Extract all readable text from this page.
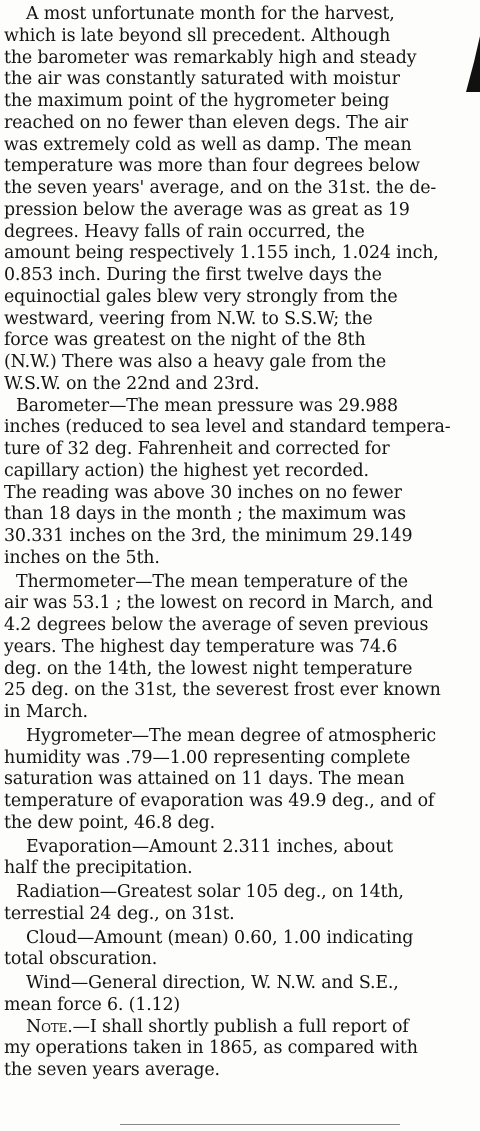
A most unfortunate month for the harvest,
which is late beyond sll precedent. Although
the barometer was remarkably high and steady
the air was constantly saturated with moistur
the maximum point of the hygrometer being
reached on no fewer than eleven degs. The air
was extremely cold as well as damp. The mean
temperature was more than four degrees below
the seven years' average, and on the 31st. the de-
pression below the average was as great as 19
degrees. Heavy falls of rain occurred, the
amount being respectively 1.155 inch, 1.024 inch,
0.853 inch. During the first twelve days the
equinoctial gales blew very strongly from the
westward, veering from N.W. to S.S.W; the
force was greatest on the night of the 8th
(N.W.) There was also a heavy gale from the
W.S.W. on the 22nd and 23rd.
Barometer—The mean pressure was 29.988
inches (reduced to sea level and standard tempera-
ture of 32 deg. Fahrenheit and corrected for
capillary action) the highest yet recorded.
The reading was above 30 inches on no fewer
than 18 days in the month ; the maximum was
30.331 inches on the 3rd, the minimum 29.149
inches on the 5th.
Thermometer—The mean temperature of the
air was 53.1 ; the lowest on record in March, and
4.2 degrees below the average of seven previous
years. The highest day temperature was 74.6
deg. on the 14th, the lowest night temperature
25 deg. on the 31st, the severest frost ever known
in March.
Hygrometer—The mean degree of atmospheric
humidity was .79—1.00 representing complete
saturation was attained on 11 days. The mean
temperature of evaporation was 49.9 deg., and of
the dew point, 46.8 deg.
Evaporation—Amount 2.311 inches, about
half the precipitation.
Radiation—Greatest solar 105 deg., on 14th,
terrestial 24 deg., on 31st.
Cloud—Amount (mean) 0.60, 1.00 indicating
total obscuration.
Wind—General direction, W. N.W. and S.E.,
mean force 6. (1.12)
Note.—I shall shortly publish a full report of
my operations taken in 1865, as compared with
the seven years average.
